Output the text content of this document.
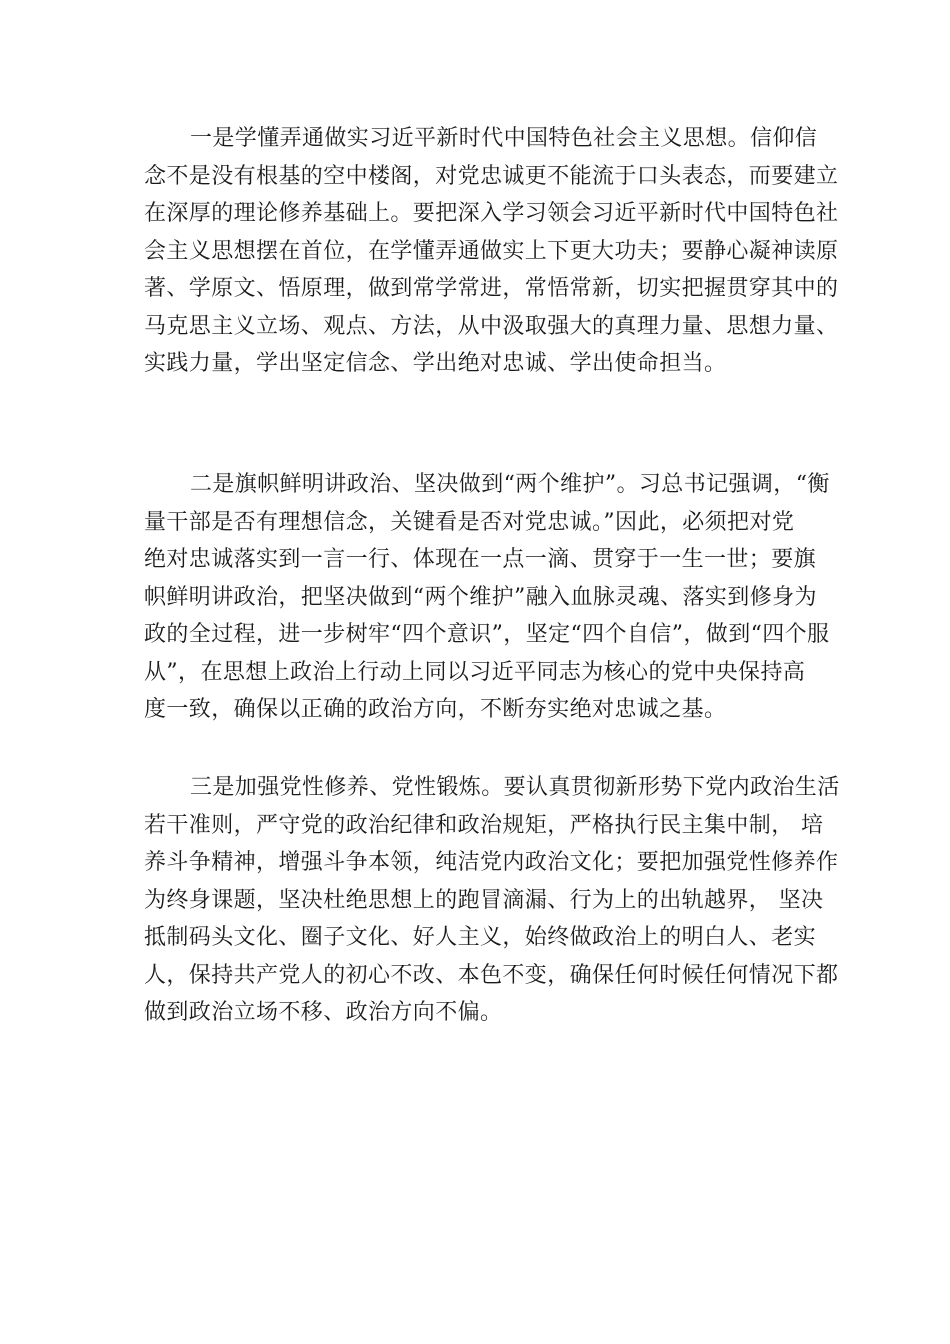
一是学懂弄通做实习近平新时代中国特色社会主义思想。信仰信
念不是没有根基的空中楼阁，对党忠诚更不能流于口头表态，而要建立
在深厚的理论修养基础上。要把深入学习领会习近平新时代中国特色社
会主义思想摆在首位，在学懂弄通做实上下更大功夫；要静心凝神读原
著、学原文、悟原理，做到常学常进，常悟常新，切实把握贯穿其中的
马克思主义立场、观点、方法，从中汲取强大的真理力量、思想力量、
实践力量，学出坚定信念、学出绝对忠诚、学出使命担当。
二是旗帜鲜明讲政治、坚决做到“两个维护”。习总书记强调，“衡
量干部是否有理想信念，关键看是否对党忠诚。”因此，必须把对党
绝对忠诚落实到一言一行、体现在一点一滴、贯穿于一生一世；要旗
帜鲜明讲政治，把坚决做到“两个维护”融入血脉灵魂、落实到修身为
政的全过程，进一步树牢“四个意识”，坚定“四个自信”，做到“四个服
从”，在思想上政治上行动上同以习近平同志为核心的党中央保持高
度一致，确保以正确的政治方向，不断夯实绝对忠诚之基。
三是加强党性修养、党性锻炼。要认真贯彻新形势下党内政治生活
若干准则，严守党的政治纪律和政治规矩，严格执行民主集中制， 培
养斗争精神，增强斗争本领，纯洁党内政治文化；要把加强党性修养作
为终身课题，坚决杜绝思想上的跑冒滴漏、行为上的出轨越界， 坚决
抵制码头文化、圈子文化、好人主义，始终做政治上的明白人、老实
人，保持共产党人的初心不改、本色不变，确保任何时候任何情况下都
做到政治立场不移、政治方向不偏。
